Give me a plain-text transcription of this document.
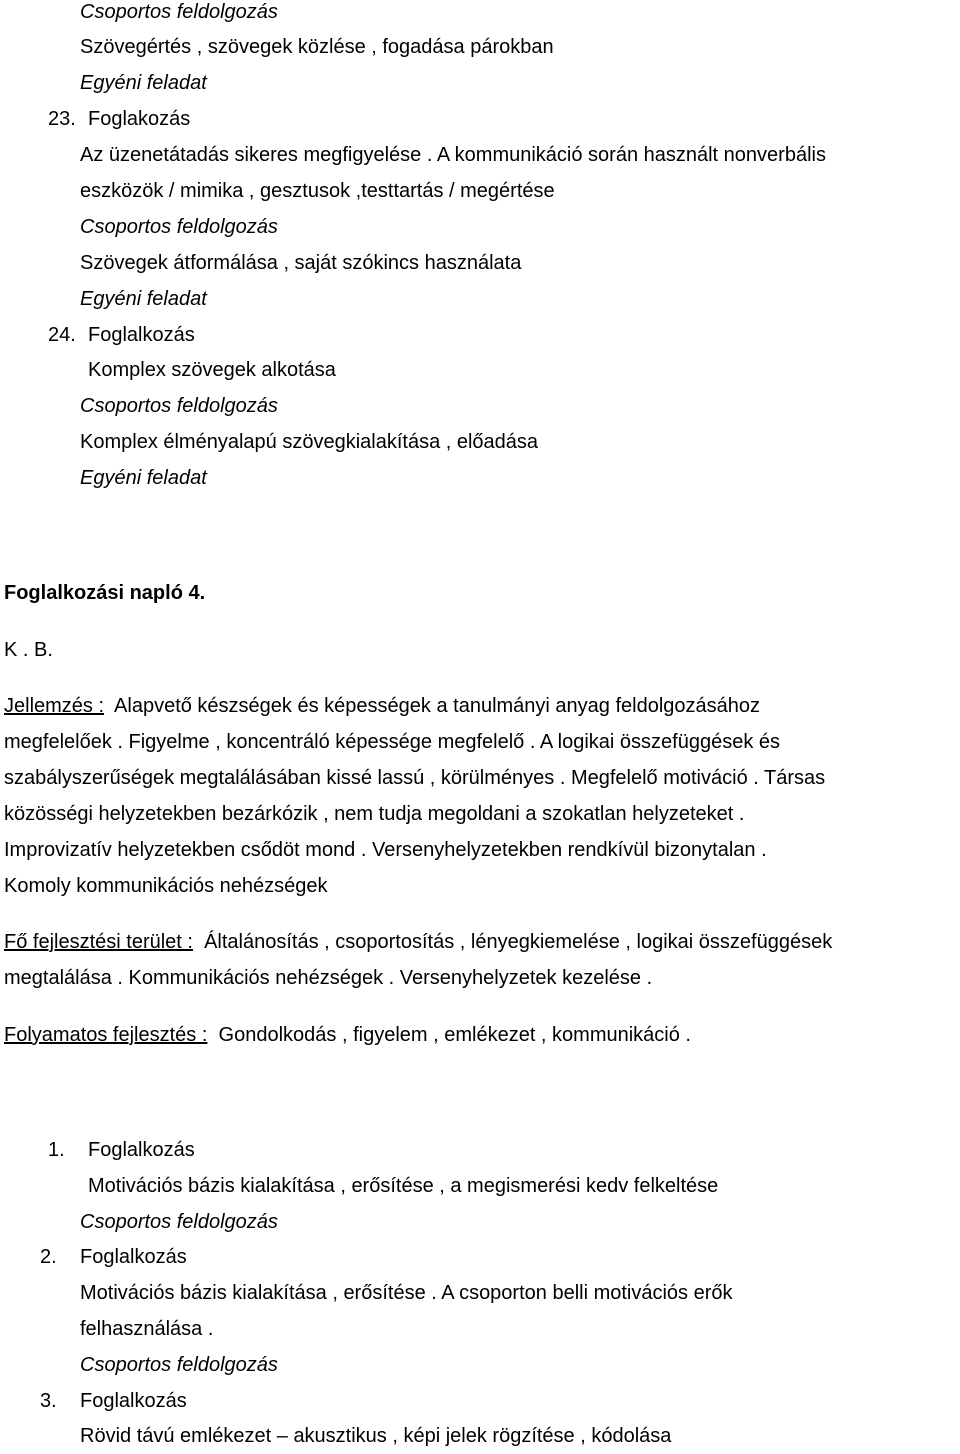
Csoportos feldolgozás
Szövegértés , szövegek közlése , fogadása párokban
Egyéni feladat
23. Foglakozás
Az üzenetátadás sikeres megfigyelése . A kommunikáció során használt nonverbális
eszközök / mimika , gesztusok ,testtartás / megértése
Csoportos feldolgozás
Szövegek átformálása , saját szókincs használata
Egyéni feladat
24. Foglalkozás
Komplex szövegek alkotása
Csoportos feldolgozás
Komplex élményalapú szövegkialakítása , előadása
Egyéni feladat
Foglalkozási napló 4.
K . B.
Jellemzés : Alapvető készségek és képességek a tanulmányi anyag feldolgozásához
megfelelőek . Figyelme , koncentráló képessége megfelelő . A logikai összefüggések és
szabályszerűségek megtalálásában kissé lassú , körülményes . Megfelelő motiváció . Társas
közösségi helyzetekben bezárkózik , nem tudja megoldani a szokatlan helyzeteket .
Improvizatív helyzetekben csődöt mond . Versenyhelyzetekben rendkívül bizonytalan .
Komoly kommunikációs nehézségek
Fő fejlesztési terület : Általánosítás , csoportosítás , lényegkiemelése , logikai összefüggések
megtalálása . Kommunikációs nehézségek . Versenyhelyzetek kezelése .
Folyamatos fejlesztés : Gondolkodás , figyelem , emlékezet , kommunikáció .
1. Foglalkozás
Motivációs bázis kialakítása , erősítése , a megismerési kedv felkeltése
Csoportos feldolgozás
2. Foglalkozás
Motivációs bázis kialakítása , erősítése . A csoporton belli motivációs erők
felhasználása .
Csoportos feldolgozás
3. Foglalkozás
Rövid távú emlékezet – akusztikus , képi jelek rögzítése , kódolása
